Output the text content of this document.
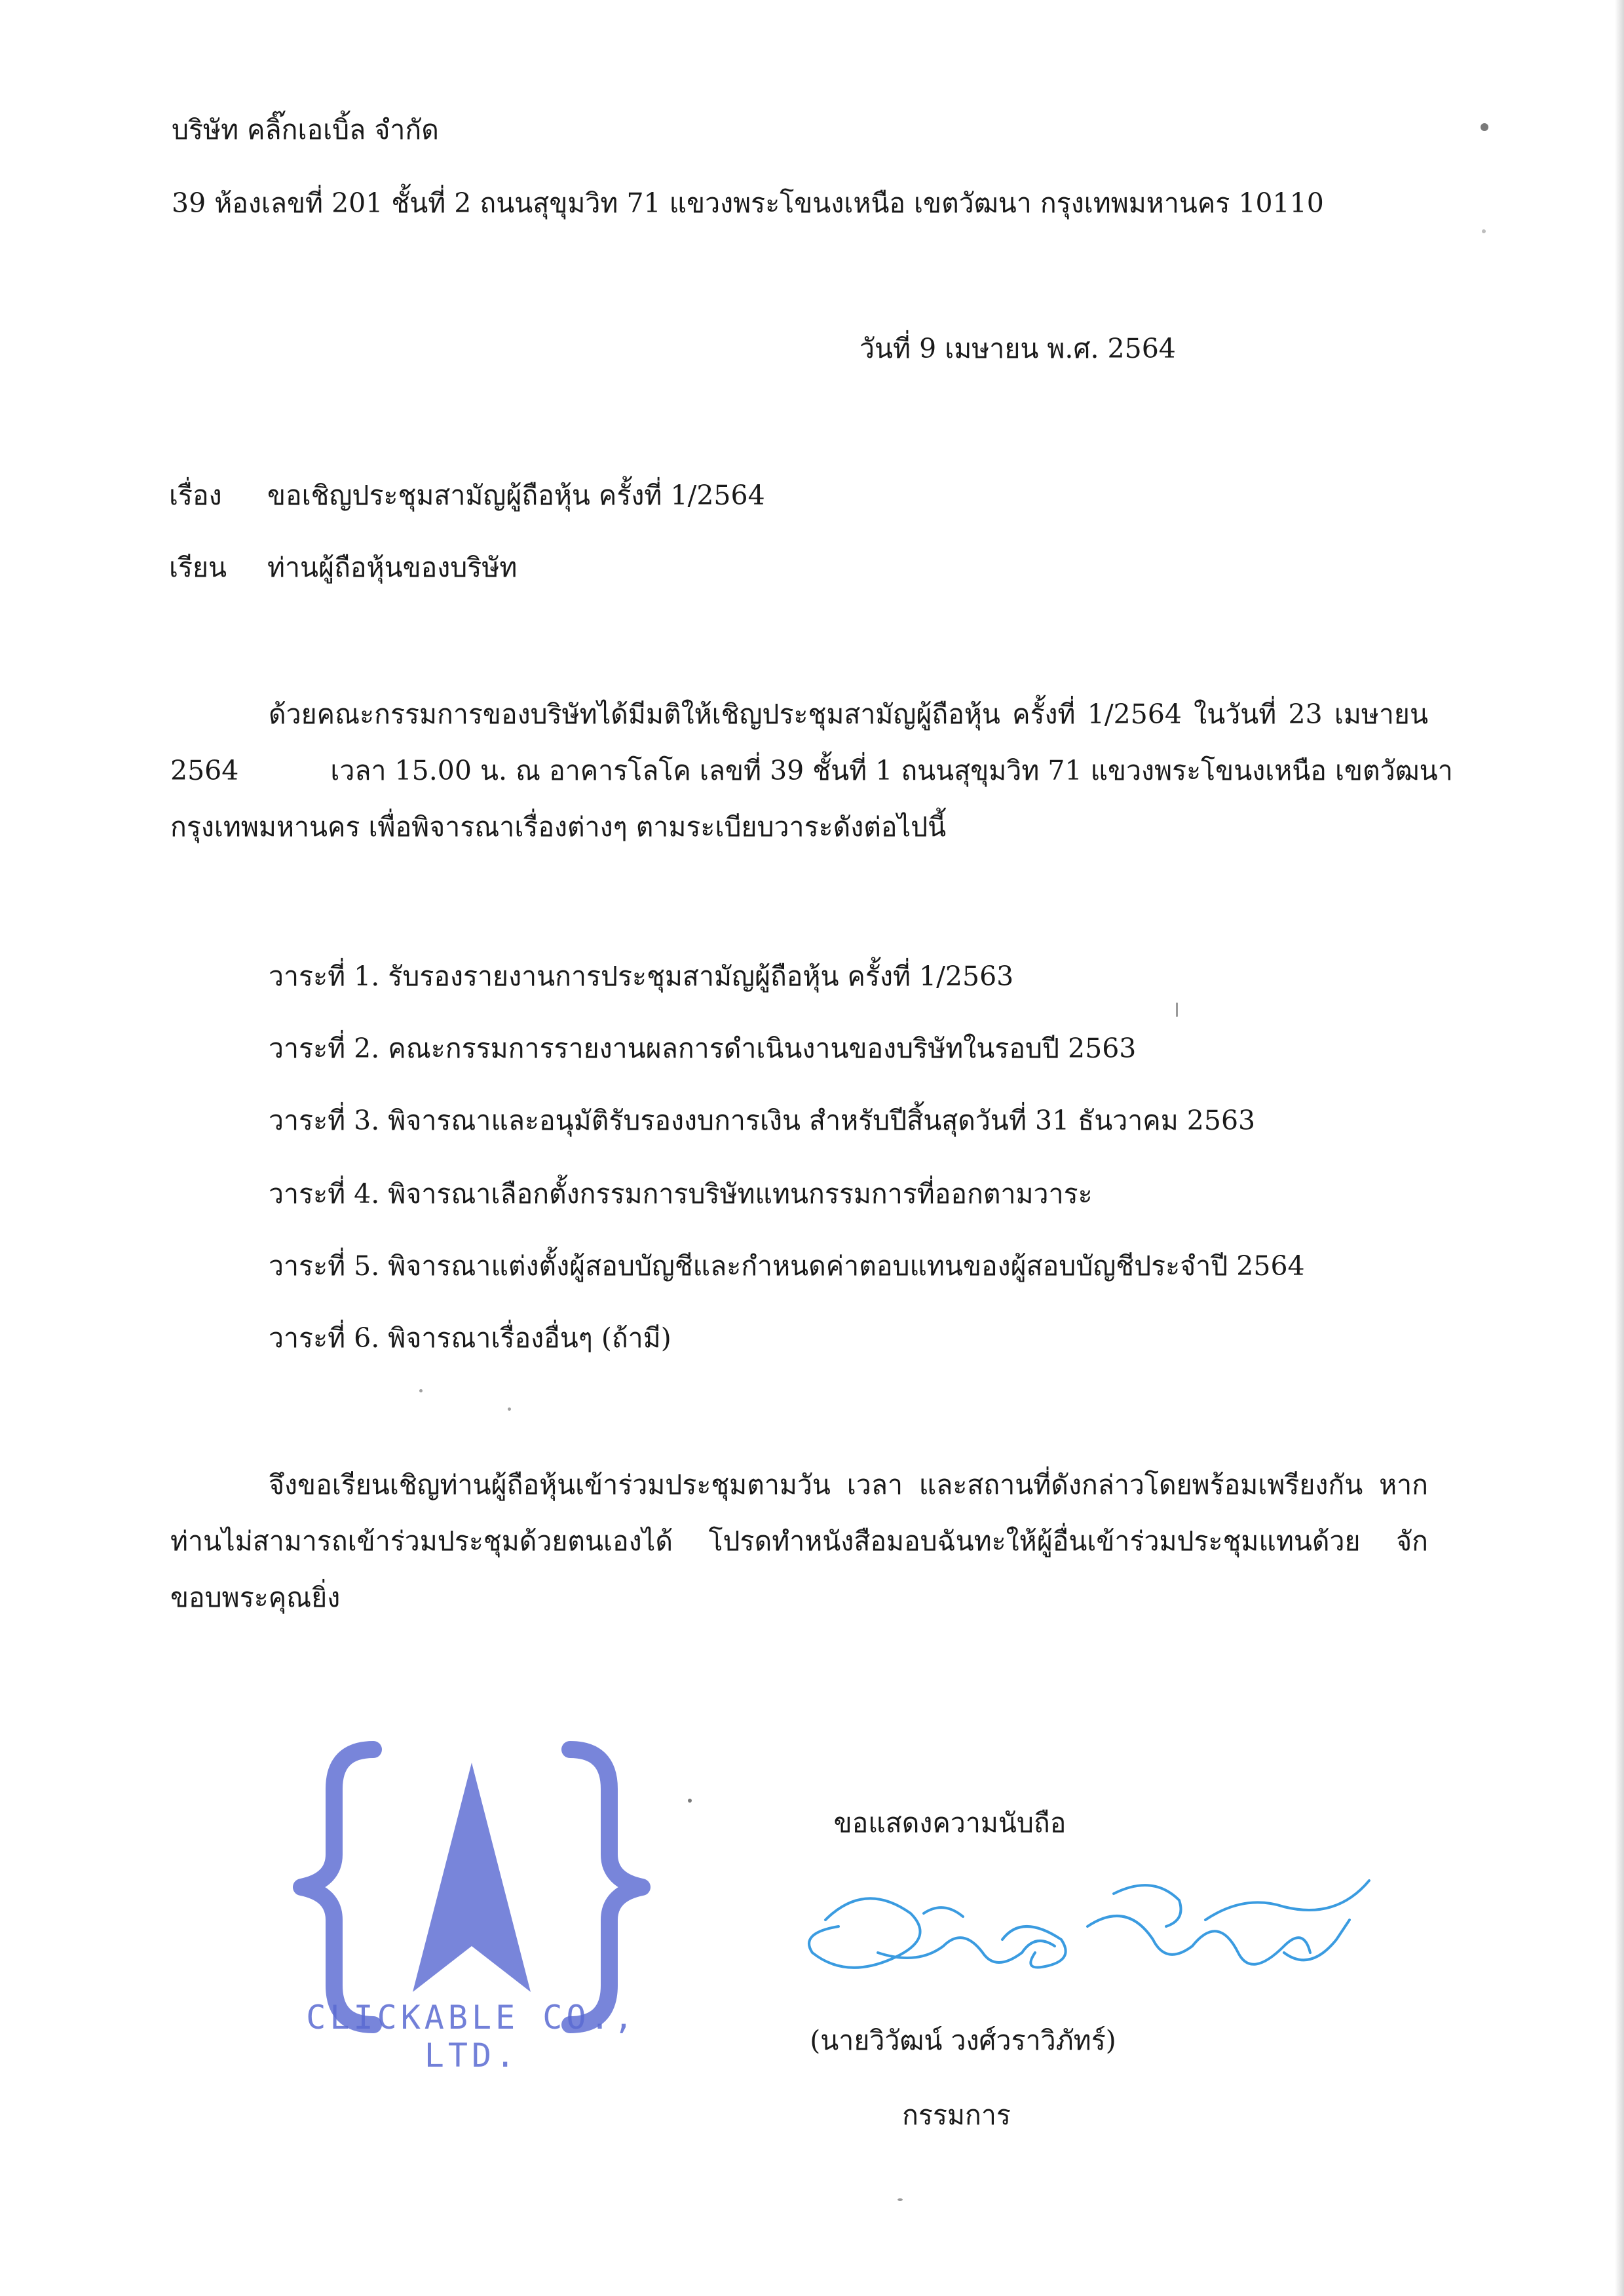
บริษัท คลิ๊กเอเบิ้ล จำกัด
39 ห้องเลขที่ 201 ชั้นที่ 2 ถนนสุขุมวิท 71 แขวงพระโขนงเหนือ เขตวัฒนา กรุงเทพมหานคร 10110
วันที่ 9 เมษายน พ.ศ. 2564
เรื่อง ขอเชิญประชุมสามัญผู้ถือหุ้น ครั้งที่ 1/2564
เรียน ท่านผู้ถือหุ้นของบริษัท
ด้วยคณะกรรมการของบริษัทได้มีมติให้เชิญประชุมสามัญผู้ถือหุ้น ครั้งที่ 1/2564 ในวันที่ 23 เมษายน
2564	เวลา 15.00 น. ณ อาคารโลโค เลขที่ 39 ชั้นที่ 1 ถนนสุขุมวิท 71 แขวงพระโขนงเหนือ เขตวัฒนา
กรุงเทพมหานคร เพื่อพิจารณาเรื่องต่างๆ ตามระเบียบวาระดังต่อไปนี้
วาระที่ 1. รับรองรายงานการประชุมสามัญผู้ถือหุ้น ครั้งที่ 1/2563
วาระที่ 2. คณะกรรมการรายงานผลการดำเนินงานของบริษัทในรอบปี 2563
วาระที่ 3. พิจารณาและอนุมัติรับรองงบการเงิน สำหรับปีสิ้นสุดวันที่ 31 ธันวาคม 2563
วาระที่ 4. พิจารณาเลือกตั้งกรรมการบริษัทแทนกรรมการที่ออกตามวาระ
วาระที่ 5. พิจารณาแต่งตั้งผู้สอบบัญชีและกำหนดค่าตอบแทนของผู้สอบบัญชีประจำปี 2564
วาระที่ 6. พิจารณาเรื่องอื่นๆ (ถ้ามี)
จึงขอเรียนเชิญท่านผู้ถือหุ้นเข้าร่วมประชุมตามวัน เวลา และสถานที่ดังกล่าวโดยพร้อมเพรียงกัน หาก
ท่านไม่สามารถเข้าร่วมประชุมด้วยตนเองได้ โปรดทำหนังสือมอบฉันทะให้ผู้อื่นเข้าร่วมประชุมแทนด้วย จัก
ขอบพระคุณยิ่ง
CLICKABLE CO., LTD.
ขอแสดงความนับถือ
(นายวิวัฒน์ วงศ์วราวิภัทร์)
กรรมการ
